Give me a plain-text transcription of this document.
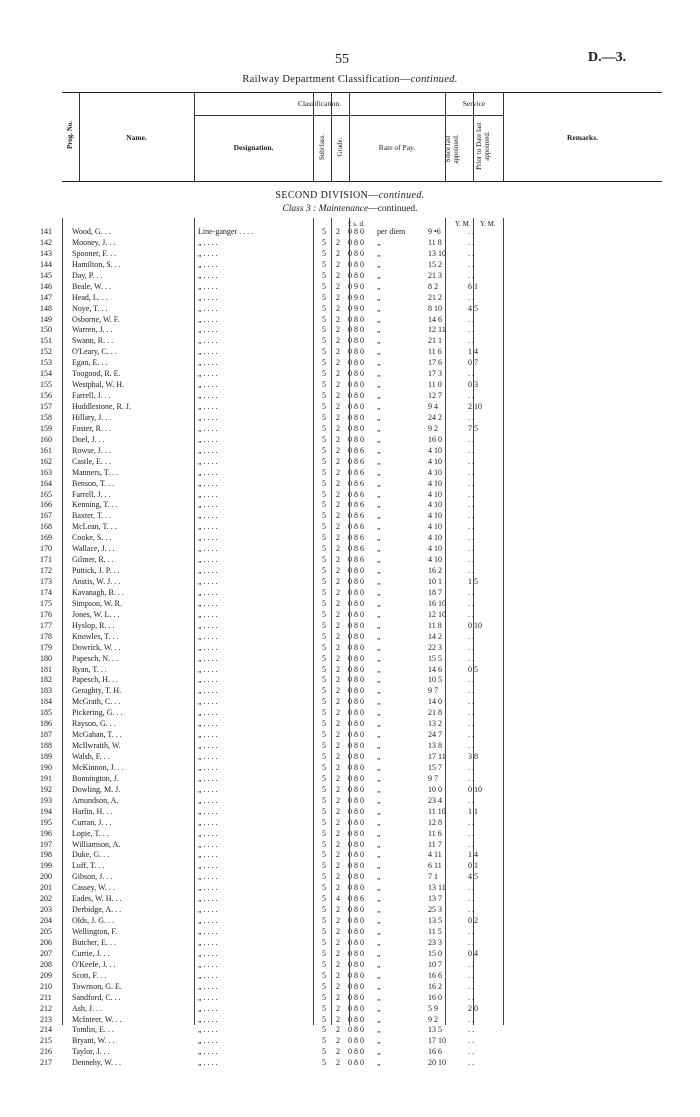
55	D.—3.
Railway Department Classification—continued.
Prog. No.	Name.
Classification.
Designation.	Subclass. Grade.	Rate of Pay.
Service
Since last appointed. Prior to Date last appointed.	Remarks.
SECOND DIVISION—continued.
Class 3 : Maintenance—continued.
£ s. d.	Y. M. Y. M.
141	Wood, G. . .	Line-ganger . . . .	5	2	0 8 0 per diem	9 •6	. .
142	Mooney, J. . .	„ . . . .	5	2	0 8 0 „	11 8	. .
143	Spooner, F. . .	„ . . . .	5	2	0 8 0 „	13 10	. .
144	Hamilton, S. . .	„ . . . .	5	2	0 8 0 „	15 2	. .
145	Day, P. . .	„ . . . .	5	2	0 8 0 „	21 3	. .
146	Beale, W. . .	„ . . . .	5	2	0 9 0 „	8 2	6 1
147	Head, L. . .	„ . . . .	5	2	0 9 0 „	21 2	. .
148	Noye, T. . .	„ . . . .	5	2	0 9 0 „	8 10	4 5
149	Osborne, W. F.	„ . . . .	5	2	0 8 0 „	14 6	. .
150	Warren, J. . .	„ . . . .	5	2	0 8 0 „	12 11	. .
151	Swann, R. . .	„ . . . .	5	2	0 8 0 „	21 1	. .
152	O'Leary, C. . .	„ . . . .	5	2	0 8 0 „	11 6	1 4
153	Egan, E. . .	„ . . . .	5	2	0 8 0 „	17 6	0 7
154	Toogood, R. E.	„ . . . .	5	2	0 8 0 „	17 3	. .
155	Westphal, W. H.	„ . . . .	5	2	0 8 0 „	11 0	0 3
156	Farrell, J. . .	„ . . . .	5	2	0 8 0 „	12 7	. .
157	Huddlestone, R. J.	„ . . . .	5	2	0 8 0 „	9 4	2 10
158	Hillary, J. . .	„ . . . .	5	2	0 8 0 „	24 2	. .
159	Foster, R. . .	„ . . . .	5	2	0 8 0 „	9 2	7 5
160	Doel, J. . .	„ . . . .	5	2	0 8 0 „	16 0	. .
161	Rowse, J. . .	„ . . . .	5	2	0 8 6 „	4 10	. .
162	Castle, E. . .	„ . . . .	5	2	0 8 6 „	4 10	. .
163	Manners, T. . .	„ . . . .	5	2	0 8 6 „	4 10	. .
164	Benson, T. . .	„ . . . .	5	2	0 8 6 „	4 10	. .
165	Farrell, J. . .	„ . . . .	5	2	0 8 6 „	4 10	. .
166	Kenning, T. . .	„ . . . .	5	2	0 8 6 „	4 10	. .
167	Baxter, T. . .	„ . . . .	5	2	0 8 6 „	4 10	. .
168	McLean, T. . .	„ . . . .	5	2	0 8 6 „	4 10	. .
169	Cooke, S. . .	„ . . . .	5	2	0 8 6 „	4 10	. .
170	Wallace, J. . .	„ . . . .	5	2	0 8 6 „	4 10	. .
171	Gilmer, R. . .	„ . . . .	5	2	0 8 6 „	4 10	. .
172	Puttick, J. P. . .	„ . . . .	5	2	0 8 0 „	16 2	. .
173	Anstis, W. J. . .	„ . . . .	5	2	0 8 0 „	10 1	1 5
174	Kavanagh, B. . .	„ . . . .	5	2	0 8 0 „	18 7	. .
175	Simpson, W. R.	„ . . . .	5	2	0 8 0 „	16 10	. .
176	Jones, W. L. . .	„ . . . .	5	2	0 8 0 „	12 10	. .
177	Hyslop, R. . .	„ . . . .	5	2	0 8 0 „	11 8	0 10
178	Knowles, T. . .	„ . . . .	5	2	0 8 0 „	14 2	. .
179	Dowrick, W. . .	„ . . . .	5	2	0 8 0 „	22 3	. .
180	Papesch, N. . .	„ . . . .	5	2	0 8 0 „	15 5	. .
181	Ryan, T. . .	„ . . . .	5	2	0 8 0 „	14 6	0 5
182	Papesch, H. . .	„ . . . .	5	2	0 8 0 „	10 5	. .
183	Geraghty, T. H.	„ . . . .	5	2	0 8 0 „	9 7	. .
184	McGrath, C. . .	„ . . . .	5	2	0 8 0 „	14 0	. .
185	Pickering, G. . .	„ . . . .	5	2	0 8 0 „	21 8	. .
186	Rayson, G. . .	„ . . . .	5	2	0 8 0 „	13 2	. .
187	McGahan, T. . .	„ . . . .	5	2	0 8 0 „	24 7	. .
188	McIlwraith, W.	„ . . . .	5	2	0 8 0 „	13 8	. .
189	Walsh, F. . .	„ . . . .	5	2	0 8 0 „	17 11	3 8
190	McKinnon, J. . .	„ . . . .	5	2	0 8 0 „	15 7	. .
191	Bonnington, J.	„ . . . .	5	2	0 8 0 „	9 7	. .
192	Dowling, M. J.	„ . . . .	5	2	0 8 0 „	10 0	0 10
193	Amundson, A.	„ . . . .	5	2	0 8 0 „	23 4	. .
194	Harlin, H. . .	„ . . . .	5	2	0 8 0 „	11 10	1 1
195	Curran, J. . .	„ . . . .	5	2	0 8 0 „	12 8	. .
196	Lopie, T. . .	„ . . . .	5	2	0 8 0 „	11 6	. .
197	Williamson, A.	„ . . . .	5	2	0 8 0 „	11 7	. .
198	Duke, G. . .	„ . . . .	5	2	0 8 0 „	4 11	1 4
199	Luff, T. . .	„ . . . .	5	2	0 8 0 „	6 11	0 1
200	Gibson, J. . .	„ . . . .	5	2	0 8 0 „	7 1	4 5
201	Cassey, W. . .	„ . . . .	5	2	0 8 0 „	13 11	. .
202	Eades, W. H. . .	„ . . . .	5	4	0 8 6 „	13 7	. .
203	Derbidge, A. . .	„ . . . .	5	2	0 8 0 „	25 3	. .
204	Olds, J. G. . .	„ . . . .	5	2	0 8 0 „	13 5	0 2
205	Wellington, F.	„ . . . .	5	2	0 8 0 „	11 5	. .
206	Butcher, E. . .	„ . . . .	5	2	0 8 0 „	23 3	. .
207	Currie, J. . .	„ . . . .	5	2	0 8 0 „	15 0	0 4
208	O'Keefe, J. . .	„ . . . .	5	2	0 8 0 „	10 7	. .
209	Scott, F. . .	„ . . . .	5	2	0 8 0 „	16 6	. .
210	Townson, G. E.	„ . . . .	5	2	0 8 0 „	16 2	. .
211	Sandford, C. . .	„ . . . .	5	2	0 8 0 „	16 0	. .
212	Ash, J. . .	„ . . . .	5	2	0 8 0 „	5 9	2 0
213	McInteer, W. . .	„ . . . .	5	2	0 8 0 „	9 2	. .
214	Tomlin, E. . .	„ . . . .	5	2	0 8 0 „	13 5	. .
215	Bryant, W. . .	„ . . . .	5	2	0 8 0 „	17 10	. .
216	Taylor, J. . .	„ . . . .	5	2	0 8 0 „	16 6	. .
217	Dennehy, W. . .	„ . . . .	5	2	0 8 0 „	20 10	. .
